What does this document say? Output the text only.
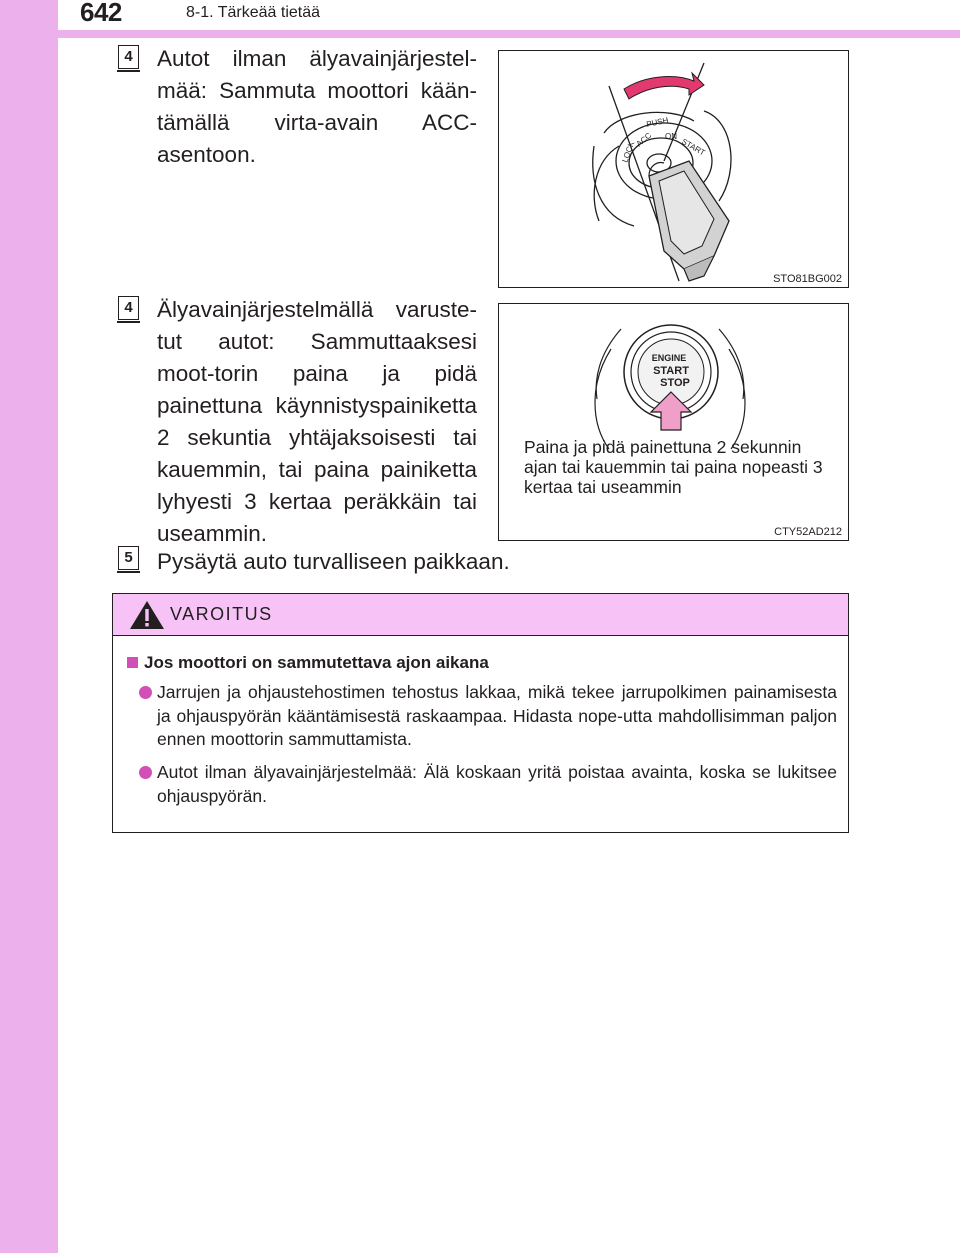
642	8-1. Tärkeää tietää
4 Autot ilman älyavainjärjestel-mää: Sammuta moottori kään-tämällä virta-avain ACC-asentoon.
PUSH
LOCK
ACC ON
START
STO81BG002
4 Älyavainjärjestelmällä varuste-tut autot: Sammuttaaksesi moot-torin paina ja pidä painettuna käynnistyspainiketta 2 sekuntia yhtäjaksoisesti tai kauemmin, tai paina painiketta lyhyesti 3 kertaa peräkkäin tai useammin.
ENGINE
START
STOP
Paina ja pidä painettuna 2 sekunnin ajan tai kauemmin tai paina nopeasti 3 kertaa tai useammin
CTY52AD212
5 Pysäytä auto turvalliseen paikkaan.
VAROITUS
Jos moottori on sammutettava ajon aikana
Jarrujen ja ohjaustehostimen tehostus lakkaa, mikä tekee jarrupolkimen painamisesta ja ohjauspyörän kääntämisestä raskaampaa. Hidasta nope-utta mahdollisimman paljon ennen moottorin sammuttamista.
Autot ilman älyavainjärjestelmää: Älä koskaan yritä poistaa avainta, koska se lukitsee ohjauspyörän.
